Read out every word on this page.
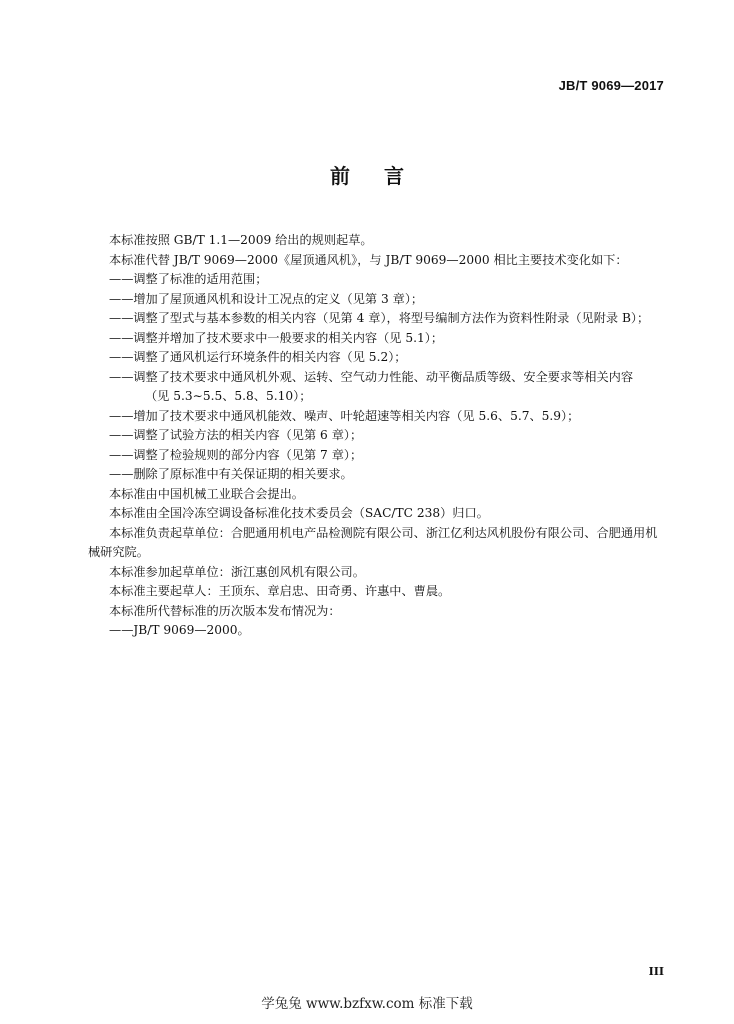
JB/T 9069—2017
前 言

本标准按照 GB/T 1.1—2009 给出的规则起草。

本标准代替 JB/T 9069—2000《屋顶通风机》，与 JB/T 9069—2000 相比主要技术变化如下：

——调整了标准的适用范围；

——增加了屋顶通风机和设计工况点的定义（见第 3 章）；

——调整了型式与基本参数的相关内容（见第 4 章），将型号编制方法作为资料性附录（见附录 B）；

——调整并增加了技术要求中一般要求的相关内容（见 5.1）；

——调整了通风机运行环境条件的相关内容（见 5.2）；

——调整了技术要求中通风机外观、运转、空气动力性能、动平衡品质等级、安全要求等相关内容

（见 5.3∼5.5、5.8、5.10）；

——增加了技术要求中通风机能效、噪声、叶轮超速等相关内容（见 5.6、5.7、5.9）；

——调整了试验方法的相关内容（见第 6 章）；

——调整了检验规则的部分内容（见第 7 章）；

——删除了原标准中有关保证期的相关要求。

本标准由中国机械工业联合会提出。

本标准由全国冷冻空调设备标准化技术委员会（SAC/TC 238）归口。

本标准负责起草单位：合肥通用机电产品检测院有限公司、浙江亿利达风机股份有限公司、合肥通用机械研究院。

本标准参加起草单位：浙江惠创风机有限公司。

本标准主要起草人：王顶东、章启忠、田奇勇、许惠中、曹晨。

本标准所代替标准的历次版本发布情况为：

——JB/T 9069—2000。

III
学兔兔 www.bzfxw.com 标准下载
